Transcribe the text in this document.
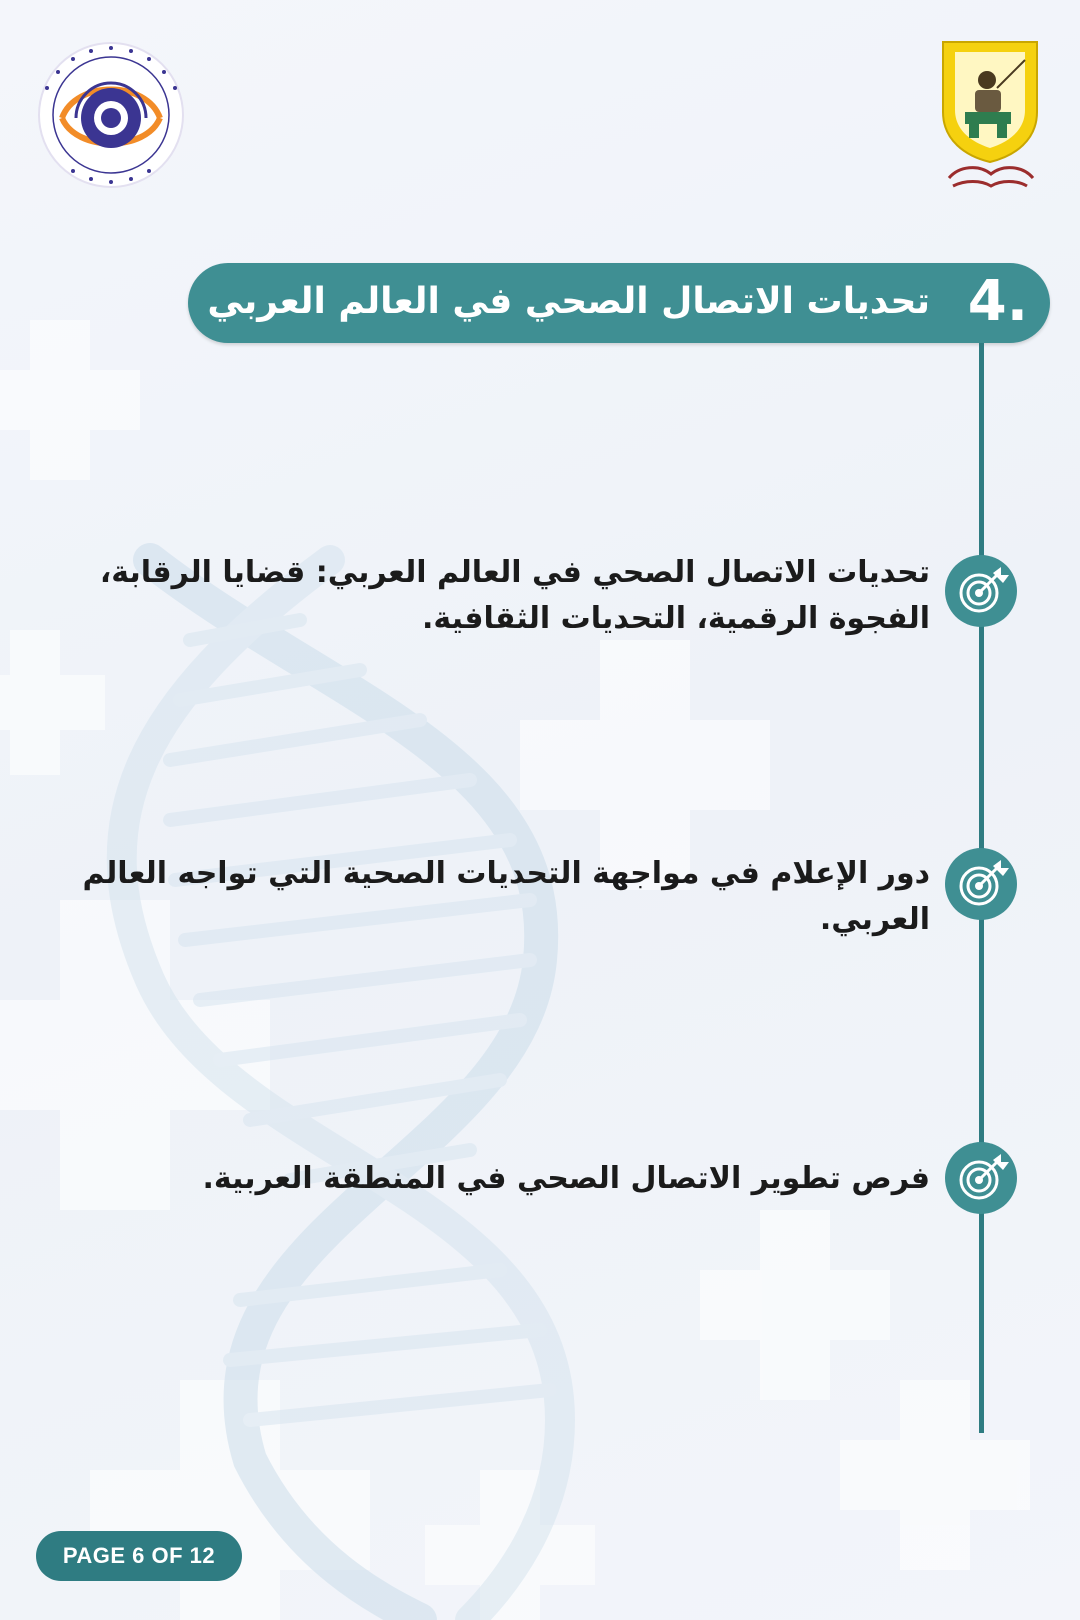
4.
تحديات الاتصال الصحي في العالم العربي

تحديات الاتصال الصحي في العالم العربي: قضايا الرقابة، الفجوة الرقمية، التحديات الثقافية.

دور الإعلام في مواجهة التحديات الصحية التي تواجه العالم العربي.

فرص تطوير الاتصال الصحي في المنطقة العربية.

PAGE 6 OF 12
